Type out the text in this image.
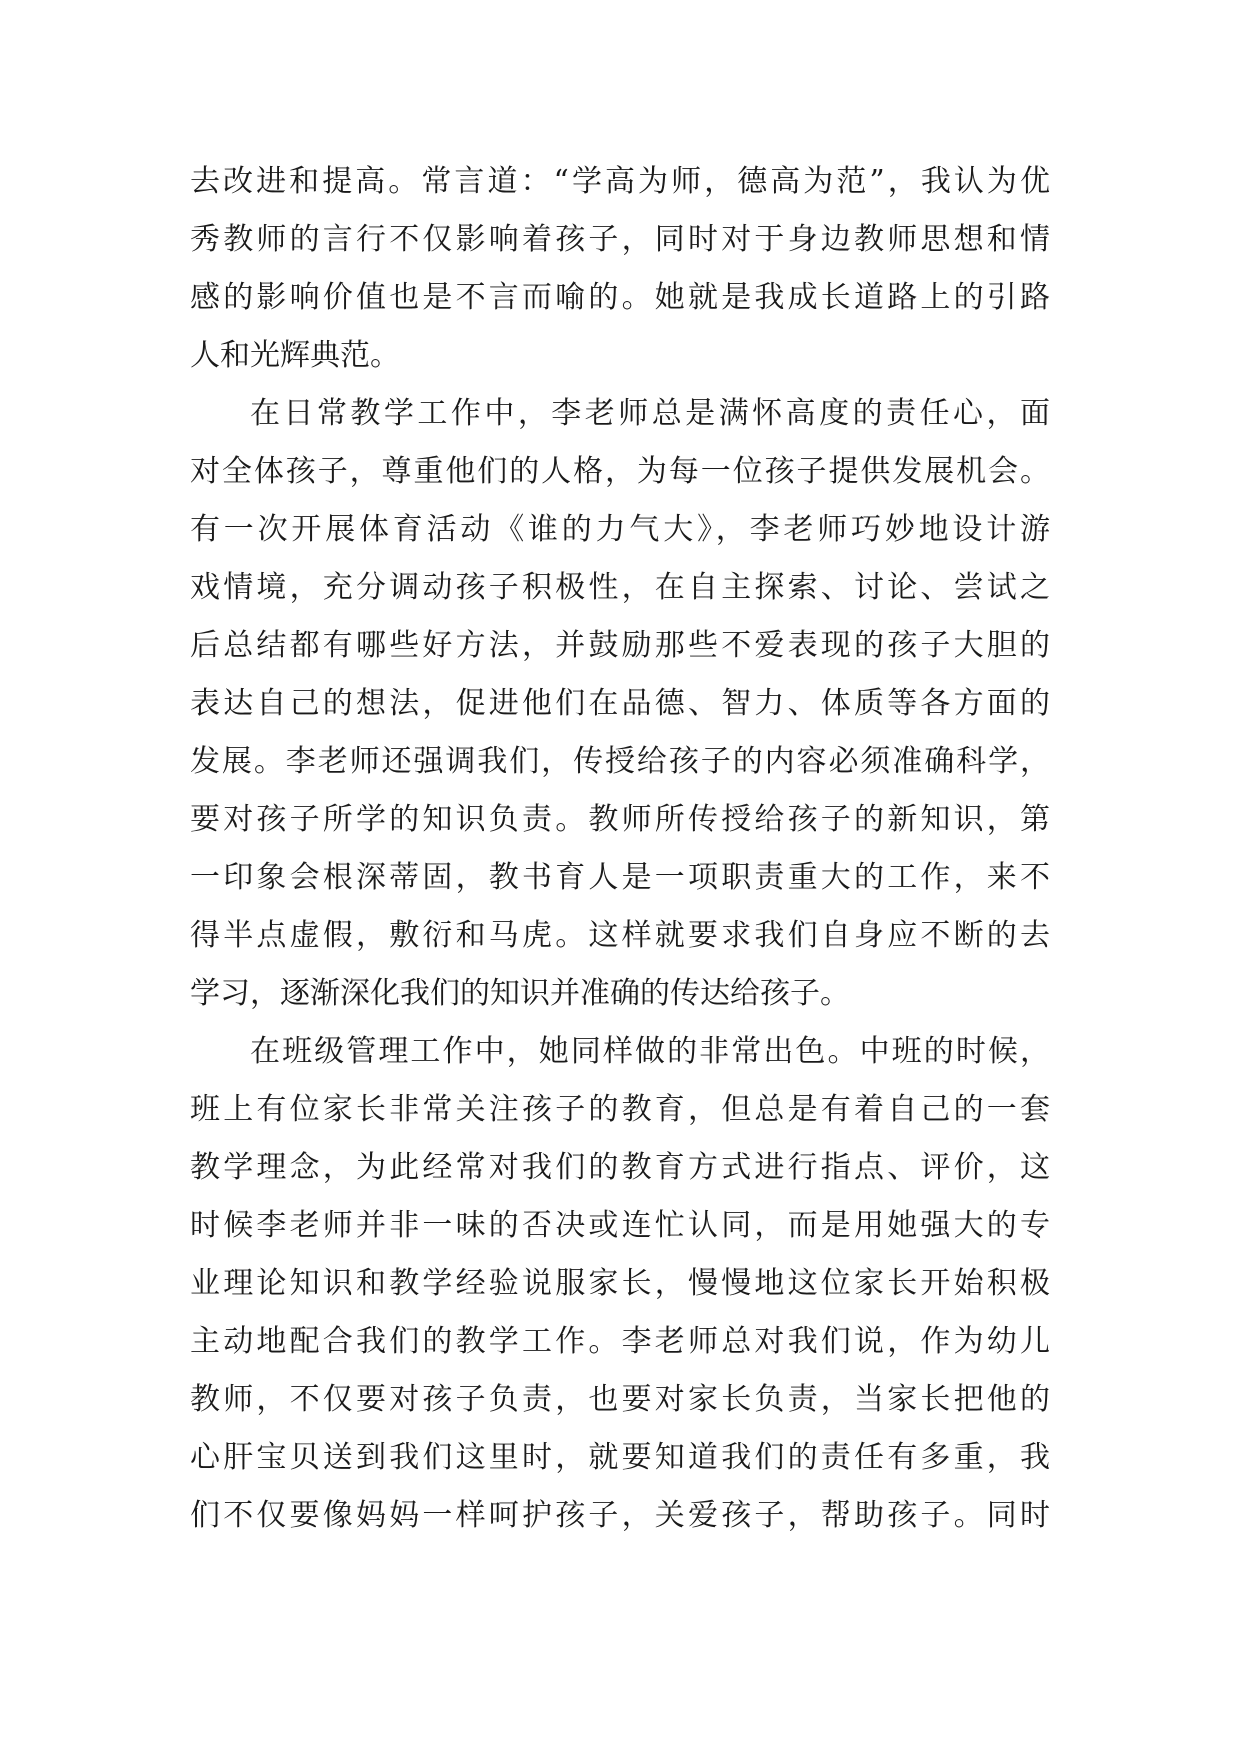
去改进和提高。常言道：“学高为师，德高为范”，我认为优
秀教师的言行不仅影响着孩子，同时对于身边教师思想和情
感的影响价值也是不言而喻的。她就是我成长道路上的引路
人和光辉典范。
在日常教学工作中，李老师总是满怀高度的责任心，面
对全体孩子，尊重他们的人格，为每一位孩子提供发展机会。
有一次开展体育活动《谁的力气大》，李老师巧妙地设计游
戏情境，充分调动孩子积极性，在自主探索、讨论、尝试之
后总结都有哪些好方法，并鼓励那些不爱表现的孩子大胆的
表达自己的想法，促进他们在品德、智力、体质等各方面的
发展。李老师还强调我们，传授给孩子的内容必须准确科学，
要对孩子所学的知识负责。教师所传授给孩子的新知识，第
一印象会根深蒂固，教书育人是一项职责重大的工作，来不
得半点虚假，敷衍和马虎。这样就要求我们自身应不断的去
学习，逐渐深化我们的知识并准确的传达给孩子。
在班级管理工作中，她同样做的非常出色。中班的时候，
班上有位家长非常关注孩子的教育，但总是有着自己的一套
教学理念，为此经常对我们的教育方式进行指点、评价，这
时候李老师并非一味的否决或连忙认同，而是用她强大的专
业理论知识和教学经验说服家长，慢慢地这位家长开始积极
主动地配合我们的教学工作。李老师总对我们说，作为幼儿
教师，不仅要对孩子负责，也要对家长负责，当家长把他的
心肝宝贝送到我们这里时，就要知道我们的责任有多重，我
们不仅要像妈妈一样呵护孩子，关爱孩子，帮助孩子。同时
